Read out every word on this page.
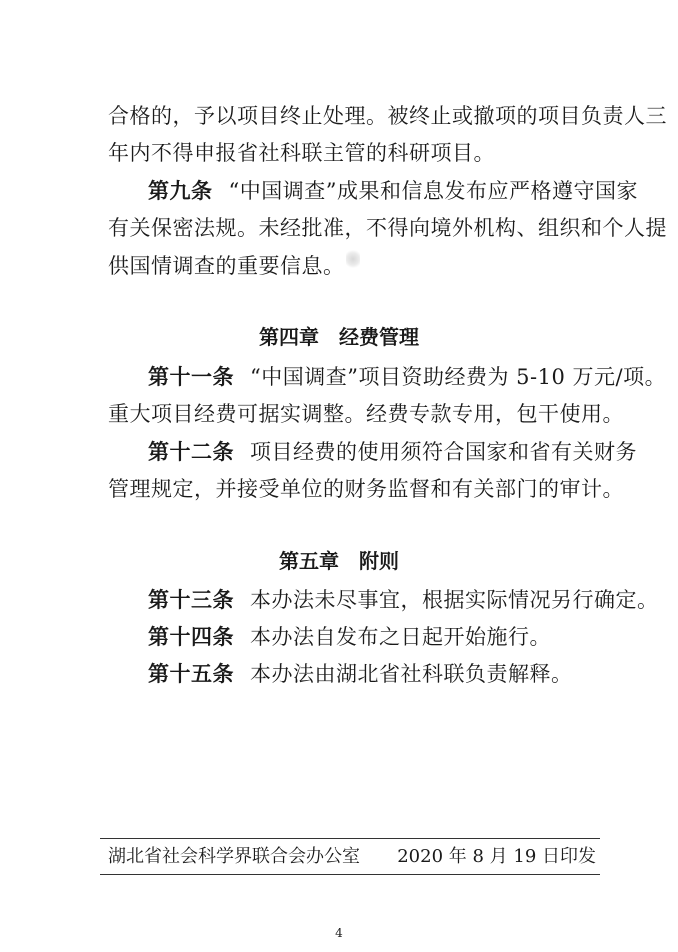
合格的，予以项目终止处理。被终止或撤项的项目负责人三
年内不得申报省社科联主管的科研项目。
第九条 “中国调查”成果和信息发布应严格遵守国家
有关保密法规。未经批准，不得向境外机构、组织和个人提
供国情调查的重要信息。
第四章 经费管理
第十一条 “中国调查”项目资助经费为 5-10 万元/项。
重大项目经费可据实调整。经费专款专用，包干使用。
第十二条 项目经费的使用须符合国家和省有关财务
管理规定，并接受单位的财务监督和有关部门的审计。
第五章 附则
第十三条 本办法未尽事宜，根据实际情况另行确定。
第十四条 本办法自发布之日起开始施行。
第十五条 本办法由湖北省社科联负责解释。
湖北省社会科学界联合会办公室 2020 年 8 月 19 日印发
4
